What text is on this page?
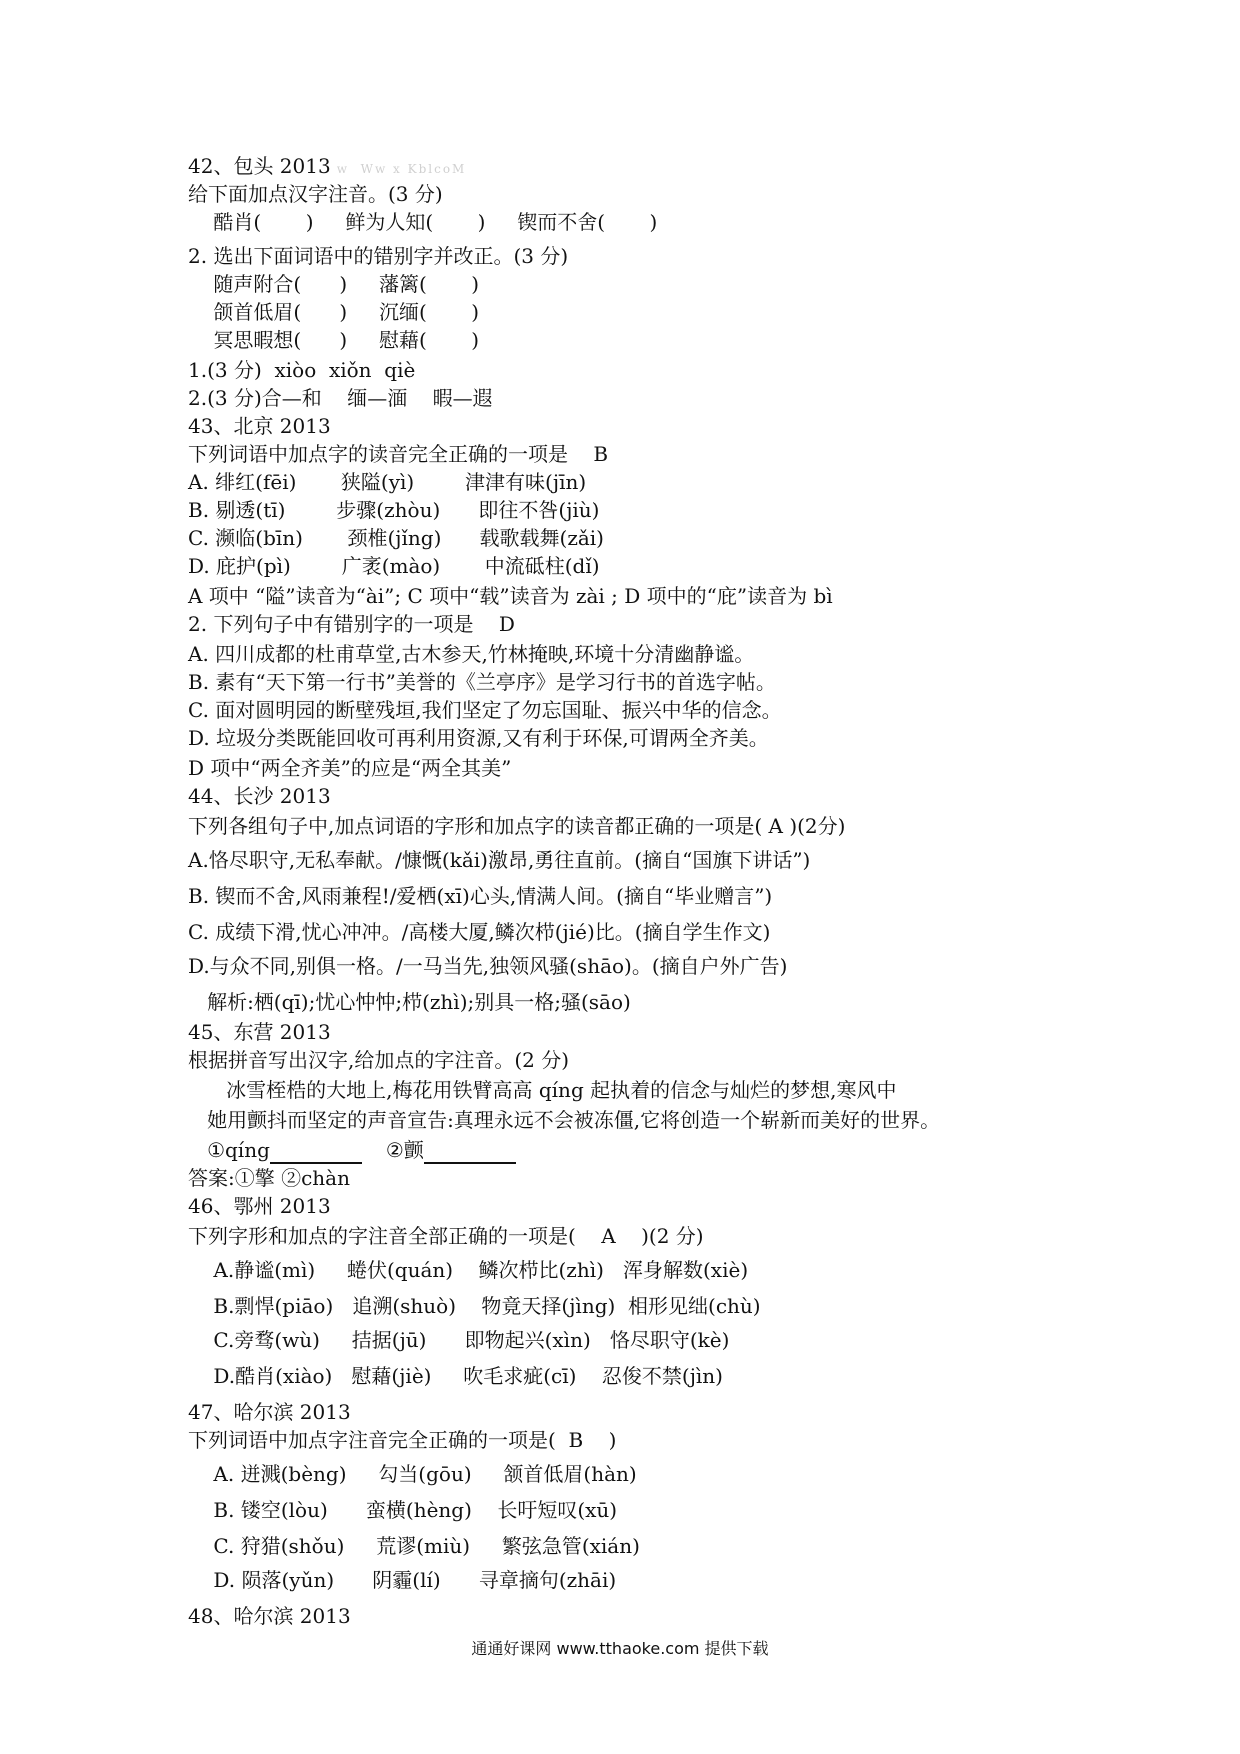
42、包头 2013 w  Ww x KblcoM
给下面加点汉字注音。(3 分)
酷肖(       )     鲜为人知(       )     锲而不舍(       )
2. 选出下面词语中的错别字并改正。(3 分)
随声附合(      )     藩篱(       )
颌首低眉(      )     沉缅(       )
冥思暇想(      )     慰藉(       )
1.(3 分)  xiòo  xiǒn  qiè
2.(3 分)合—和    缅—湎    暇—遐
43、北京 2013
下列词语中加点字的读音完全正确的一项是    B
A. 绯红(fēi)       狭隘(yì)        津津有味(jīn)
B. 剔透(tī)        步骤(zhòu)      即往不咎(jiù)
C. 濒临(bīn)       颈椎(jǐng)      载歌载舞(zǎi)
D. 庇护(pì)        广袤(mào)       中流砥柱(dǐ)
A 项中 “隘”读音为“ài”; C 项中“载”读音为 zài ; D 项中的“庇”读音为 bì
2. 下列句子中有错别字的一项是    D
A. 四川成都的杜甫草堂,古木参天,竹林掩映,环境十分清幽静谧。
B. 素有“天下第一行书”美誉的《兰亭序》是学习行书的首选字帖。
C. 面对圆明园的断壁残垣,我们坚定了勿忘国耻、振兴中华的信念。
D. 垃圾分类既能回收可再利用资源,又有利于环保,可谓两全齐美。
D 项中“两全齐美”的应是“两全其美”
44、长沙 2013
下列各组句子中,加点词语的字形和加点字的读音都正确的一项是( A )(2分)
A.恪尽职守,无私奉献。/慷慨(kǎi)激昂,勇往直前。(摘自“国旗下讲话”)
B. 锲而不舍,风雨兼程!/爱栖(xī)心头,情满人间。(摘自“毕业赠言”)
C. 成绩下滑,忧心冲冲。/高楼大厦,鳞次栉(jié)比。(摘自学生作文)
D.与众不同,别俱一格。/一马当先,独领风骚(shāo)。(摘自户外广告)
解析:栖(qī);忧心忡忡;栉(zhì);别具一格;骚(sāo)
45、东营 2013
根据拼音写出汉字,给加点的字注音。(2 分)
冰雪桎梏的大地上,梅花用铁臂高高 qíng 起执着的信念与灿烂的梦想,寒风中
她用颤抖而坚定的声音宣告:真理永远不会被冻僵,它将创造一个崭新而美好的世界。
①qíng	②颤
答案:①擎 ②chàn
46、鄂州 2013
下列字形和加点的字注音全部正确的一项是(    A    )(2 分)
A.静谧(mì)     蜷伏(quán)    鳞次栉比(zhì)   浑身解数(xiè)
B.剽悍(piāo)   追溯(shuò)    物竟天择(jìng)  相形见绌(chù)
C.旁骛(wù)     拮据(jū)      即物起兴(xìn)   恪尽职守(kè)
D.酷肖(xiào)   慰藉(jiè)     吹毛求疵(cī)    忍俊不禁(jìn)
47、哈尔滨 2013
下列词语中加点字注音完全正确的一项是(  B    )
A. 迸溅(bèng)     勾当(gōu)     颔首低眉(hàn)
B. 镂空(lòu)      蛮横(hèng)    长吁短叹(xū)
C. 狩猎(shǒu)     荒谬(miù)     繁弦急管(xián)
D. 陨落(yǔn)      阴霾(lí)      寻章摘句(zhāi)
48、哈尔滨 2013
通通好课网 www.tthaoke.com 提供下载
